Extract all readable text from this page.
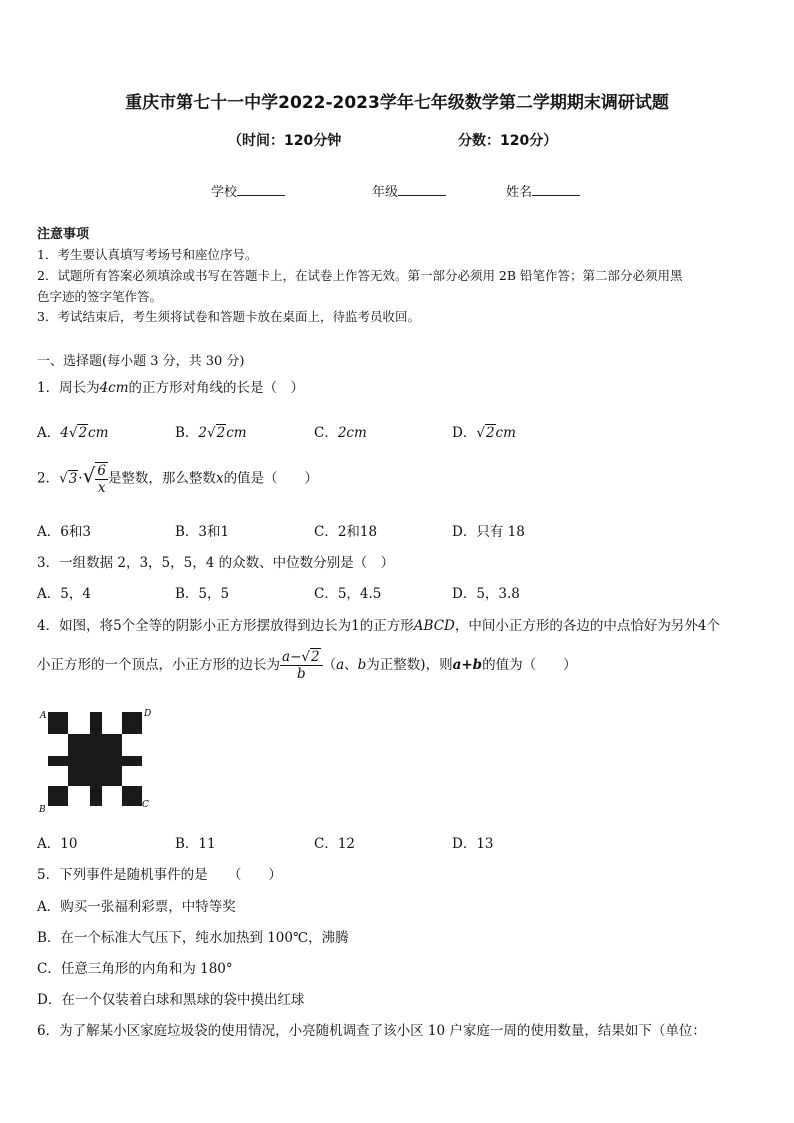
重庆市第七十一中学2022-2023学年七年级数学第二学期期末调研试题
（时间：120分钟	分数：120分）
学校	年级	姓名
注意事项
1．考生要认真填写考场号和座位序号。
2．试题所有答案必须填涂或书写在答题卡上，在试卷上作答无效。第一部分必须用 2B 铅笔作答；第二部分必须用黑
色字迹的签字笔作答。
3．考试结束后，考生须将试卷和答题卡放在桌面上，待监考员收回。
一、选择题(每小题 3 分，共 30 分)
1．周长为4cm的正方形对角线的长是（　）
A．4√2cm	B．2√2cm	C．2cm	D．√2cm
2．$√3\cdot√ \frac{6}{x}$ 是整数，那么整数x的值是（　　）
A．6和3	B．3和1	C．2和18	D．只有 18
3．一组数据 2，3，5，5，4 的众数、中位数分别是（　）
A．5，4	B．5，5	C．5，4.5	D．5，3.8
4．如图，将5个全等的阴影小正方形摆放得到边长为1的正方形ABCD，中间小正方形的各边的中点恰好为另外4个
小正方形的一个顶点，小正方形的边长为 $\frac{a-√2}{b} (a$、b为正整数)，则a+b的值为（　　）
A	D
B	C
A．10	B．11	C．12	D．13
5．下列事件是随机事件的是　　（　　）
A．购买一张福利彩票，中特等奖
B．在一个标准大气压下，纯水加热到 100℃，沸腾
C．任意三角形的内角和为 180°
D．在一个仅装着白球和黑球的袋中摸出红球
6．为了解某小区家庭垃圾袋的使用情况，小亮随机调查了该小区 10 户家庭一周的使用数量，结果如下（单位：
